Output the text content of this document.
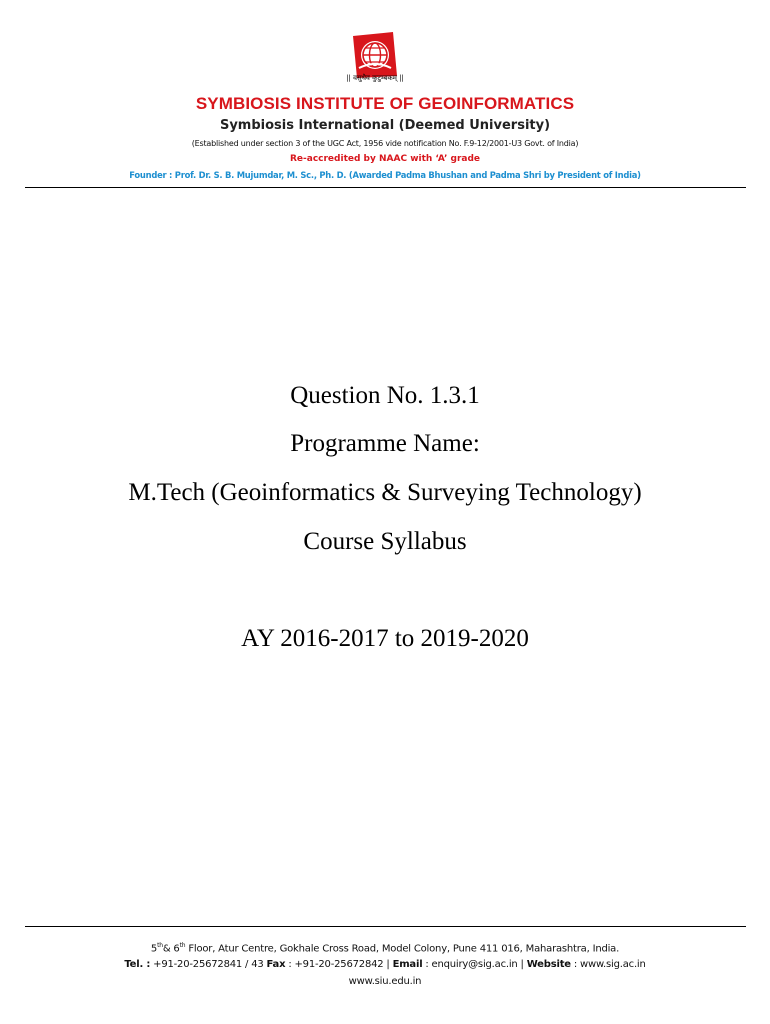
|| वसुधैव कुटुम्बकम् ||
SYMBIOSIS INSTITUTE OF GEOINFORMATICS
Symbiosis International (Deemed University)
(Established under section 3 of the UGC Act, 1956 vide notification No. F.9-12/2001-U3 Govt. of India)
Re-accredited by NAAC with ‘A’ grade
Founder : Prof. Dr. S. B. Mujumdar, M. Sc., Ph. D. (Awarded Padma Bhushan and Padma Shri by President of India)
Question No. 1.3.1
Programme Name:
M.Tech (Geoinformatics & Surveying Technology)
Course Syllabus
AY 2016-2017 to 2019-2020
5th& 6th Floor, Atur Centre, Gokhale Cross Road, Model Colony, Pune 411 016, Maharashtra, India.
Tel. : +91-20-25672841 / 43 Fax : +91-20-25672842 | Email : enquiry@sig.ac.in | Website : www.sig.ac.in
www.siu.edu.in
